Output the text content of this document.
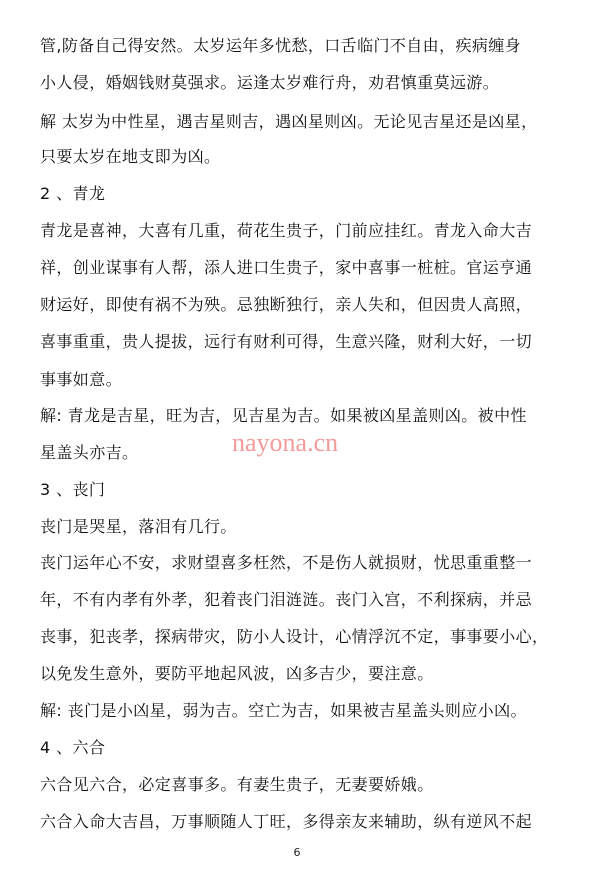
管,防备自己得安然。太岁运年多忧愁，口舌临门不自由，疾病缠身
小人侵，婚姻钱财莫强求。运逢太岁难行舟，劝君慎重莫远游。
解 太岁为中性星，遇吉星则吉，遇凶星则凶。无论见吉星还是凶星，
只要太岁在地支即为凶。
2 、青龙
青龙是喜神，大喜有几重，荷花生贵子，门前应挂红。青龙入命大吉
祥，创业谋事有人帮，添人进口生贵子，家中喜事一桩桩。官运亨通
财运好，即使有祸不为殃。忌独断独行，亲人失和，但因贵人高照，
喜事重重，贵人提拔，远行有财利可得，生意兴隆，财利大好，一切
事事如意。
解: 青龙是吉星，旺为吉，见吉星为吉。如果被凶星盖则凶。被中性
星盖头亦吉。
3 、丧门
丧门是哭星，落泪有几行。
丧门运年心不安，求财望喜多枉然，不是伤人就损财，忧思重重整一
年，不有内孝有外孝，犯着丧门泪涟涟。丧门入宫，不利探病，并忌
丧事，犯丧孝，探病带灾，防小人设计，心情浮沉不定，事事要小心，
以免发生意外，要防平地起风波，凶多吉少，要注意。
解: 丧门是小凶星，弱为吉。空亡为吉，如果被吉星盖头则应小凶。
4 、六合
六合见六合，必定喜事多。有妻生贵子，无妻要娇娥。
六合入命大吉昌，万事顺随人丁旺，多得亲友来辅助，纵有逆风不起
nayona.cn
6
